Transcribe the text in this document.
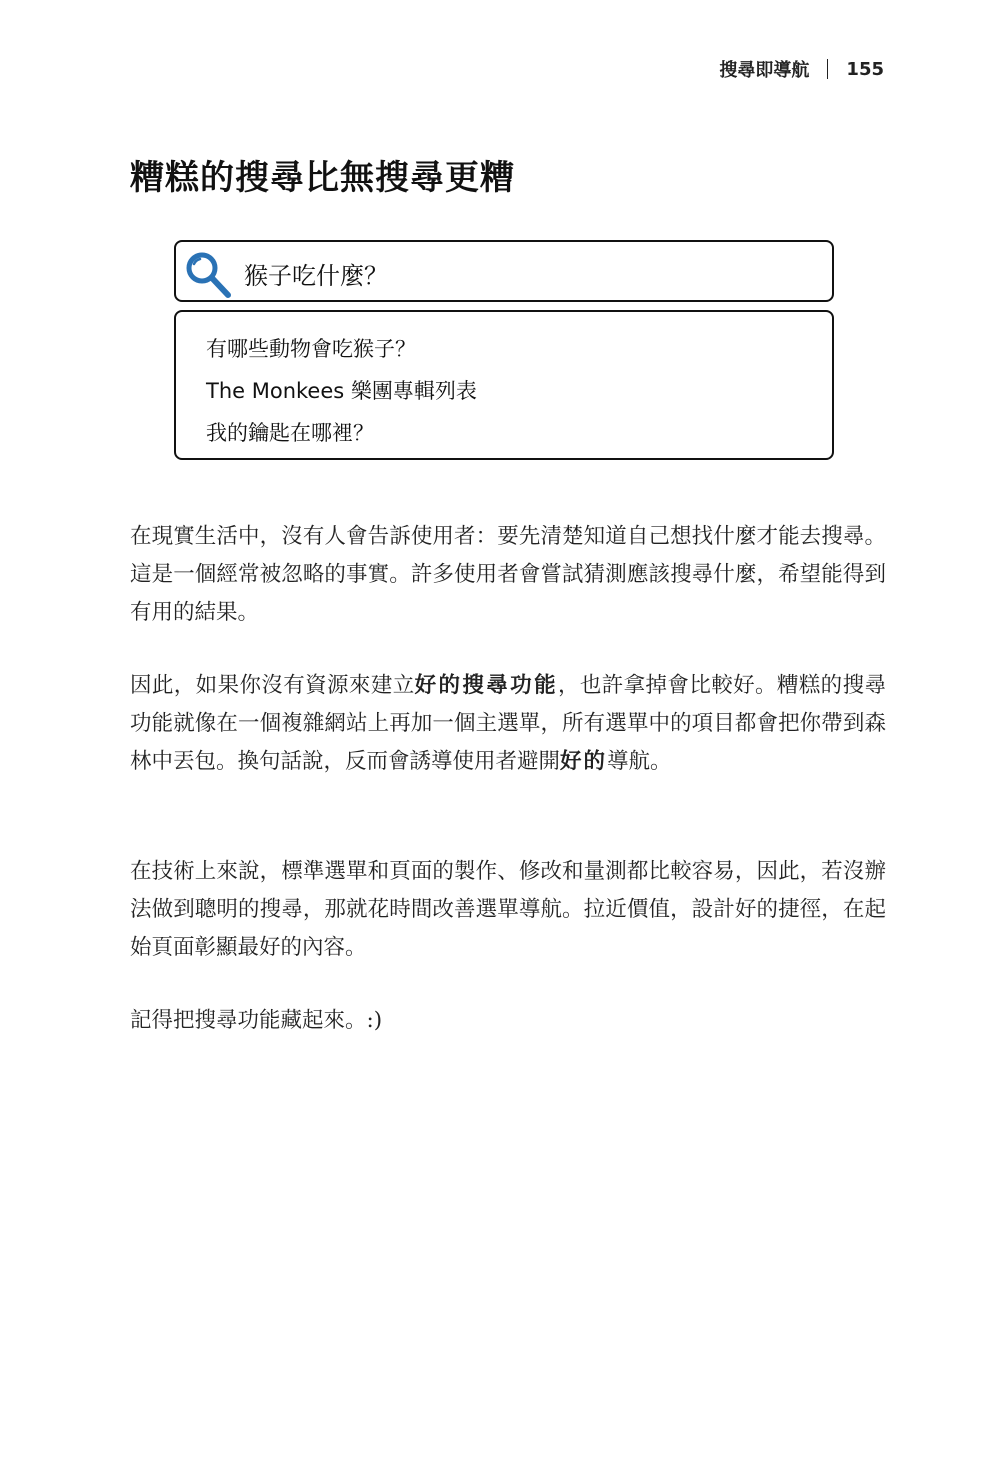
搜尋即導航 155
糟糕的搜尋比無搜尋更糟
猴子吃什麼？
有哪些動物會吃猴子？
The Monkees 樂團專輯列表
我的鑰匙在哪裡？

在現實生活中，沒有人會告訴使用者：要先清楚知道自己想找什麼才能去搜尋。這是一個經常被忽略的事實。許多使用者會嘗試猜測應該搜尋什麼，希望能得到有用的結果。

因此，如果你沒有資源來建立好的搜尋功能，也許拿掉會比較好。糟糕的搜尋功能就像在一個複雜網站上再加一個主選單，所有選單中的項目都會把你帶到森林中丟包。換句話說，反而會誘導使用者避開好的導航。

在技術上來說，標準選單和頁面的製作、修改和量測都比較容易，因此，若沒辦法做到聰明的搜尋，那就花時間改善選單導航。拉近價值，設計好的捷徑，在起始頁面彰顯最好的內容。

記得把搜尋功能藏起來。:)
